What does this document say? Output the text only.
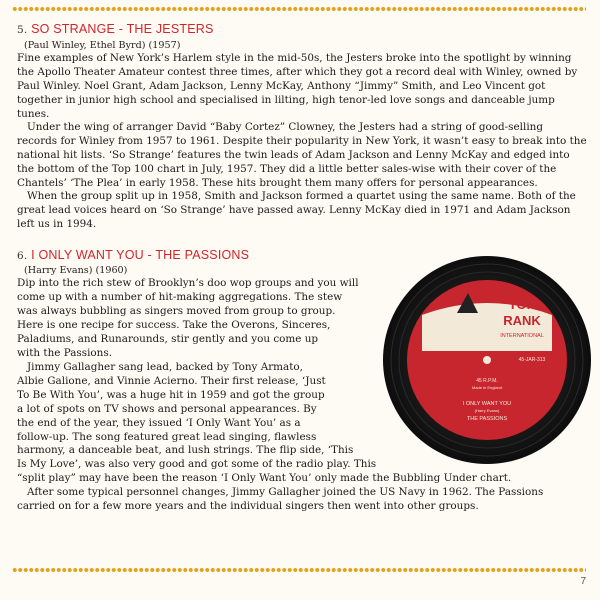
5. SO STRANGE - THE JESTERS
(Paul Winley, Ethel Byrd) (1957)

Fine examples of New York’s Harlem style in the mid-50s, the Jesters broke into the spotlight by winning
the Apollo Theater Amateur contest three times, after which they got a record deal with Winley, owned by
Paul Winley. Noel Grant, Adam Jackson, Lenny McKay, Anthony “Jimmy” Smith, and Leo Vincent got
together in junior high school and specialised in lilting, high tenor-led love songs and danceable jump
tunes.

Under the wing of arranger David “Baby Cortez” Clowney, the Jesters had a string of good-selling
records for Winley from 1957 to 1961. Despite their popularity in New York, it wasn’t easy to break into the
national hit lists. ‘So Strange’ features the twin leads of Adam Jackson and Lenny McKay and edged into
the bottom of the Top 100 chart in July, 1957. They did a little better sales-wise with their cover of the
Chantels’ ‘The Plea’ in early 1958. These hits brought them many offers for personal appearances.

When the group split up in 1958, Smith and Jackson formed a quartet using the same name. Both of the
great lead voices heard on ‘So Strange’ have passed away. Lenny McKay died in 1971 and Adam Jackson
left us in 1994.

6. I ONLY WANT YOU - THE PASSIONS
(Harry Evans) (1960)

Dip into the rich stew of Brooklyn’s doo wop groups and you will
come up with a number of hit-making aggregations. The stew
was always bubbling as singers moved from group to group.
Here is one recipe for success. Take the Overons, Sinceres,
Paladiums, and Runarounds, stir gently and you come up
with the Passions.

Jimmy Gallagher sang lead, backed by Tony Armato,
Albie Galione, and Vinnie Acierno. Their first release, ‘Just
To Be With You’, was a huge hit in 1959 and got the group
a lot of spots on TV shows and personal appearances. By
the end of the year, they issued ‘I Only Want You’ as a
follow-up. The song featured great lead singing, flawless
harmony, a danceable beat, and lush strings. The flip side, ‘This
Is My Love’, was also very good and got some of the radio play. This
“split play” may have been the reason ‘I Only Want You’ only made the Bubbling Under chart.

After some typical personnel changes, Jimmy Gallagher joined the US Navy in 1962. The Passions
carried on for a few more years and the individual singers then went into other groups.

TOP
RANK
INTERNATIONAL
45-JAR-313
45 R.P.M.
Made in England
I ONLY WANT YOU
(Harry Evans)
THE PASSIONS
7
